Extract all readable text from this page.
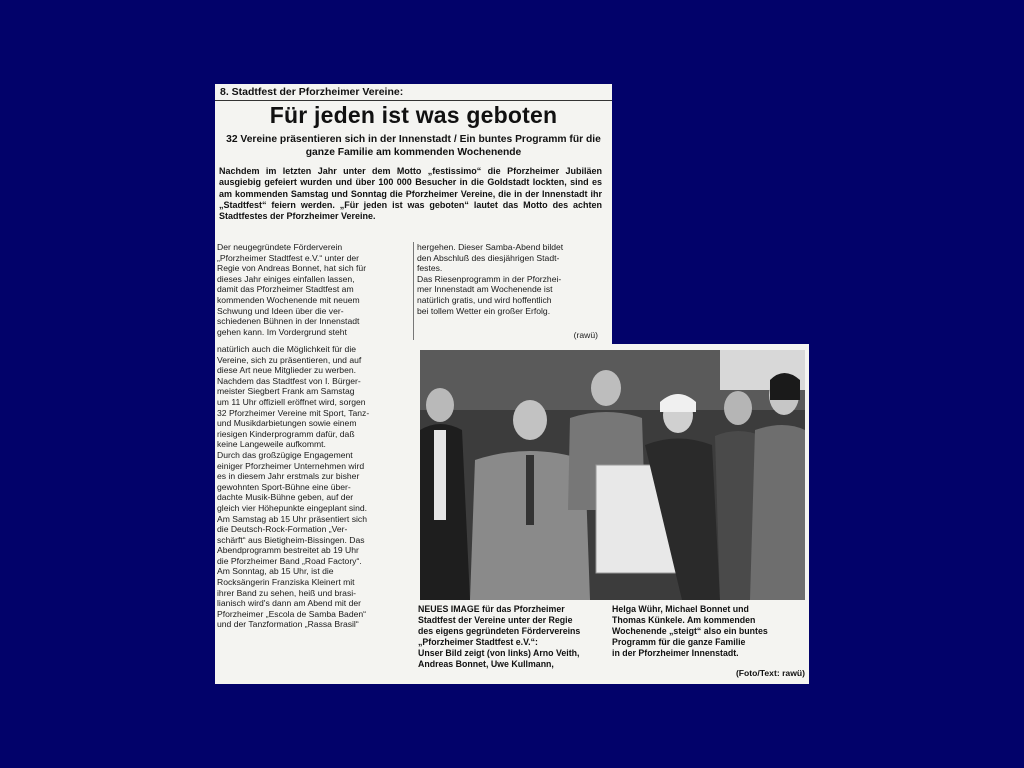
8. Stadtfest der Pforzheimer Vereine:
Für jeden ist was geboten
32 Vereine präsentieren sich in der Innenstadt / Ein buntes Programm für die ganze Familie am kommenden Wochenende
Nachdem im letzten Jahr unter dem Motto „festissimo“ die Pforzheimer Jubiläen ausgiebig gefeiert wurden und über 100 000 Besucher in die Goldstadt lockten, sind es am kommenden Samstag und Sonntag die Pforzheimer Vereine, die in der Innenstadt ihr „Stadtfest“ feiern werden. „Für jeden ist was geboten“ lautet das Motto des achten Stadtfestes der Pforzheimer Vereine.
Der neugegründete Förderverein
„Pforzheimer Stadtfest e.V.“ unter der
Regie von Andreas Bonnet, hat sich für
dieses Jahr einiges einfallen lassen,
damit das Pforzheimer Stadtfest am
kommenden Wochenende mit neuem
Schwung und Ideen über die ver-
schiedenen Bühnen in der Innenstadt
gehen kann. Im Vordergrund steht
hergehen. Dieser Samba-Abend bildet
den Abschluß des diesjährigen Stadt-
festes.
Das Riesenprogramm in der Pforzhei-
mer Innenstadt am Wochenende ist
natürlich gratis, und wird hoffentlich
bei tollem Wetter ein großer Erfolg.
(rawü)
natürlich auch die Möglichkeit für die
Vereine, sich zu präsentieren, und auf
diese Art neue Mitglieder zu werben.
Nachdem das Stadtfest von I. Bürger-
meister Siegbert Frank am Samstag
um 11 Uhr offiziell eröffnet wird, sorgen
32 Pforzheimer Vereine mit Sport, Tanz-
und Musikdarbietungen sowie einem
riesigen Kinderprogramm dafür, daß
keine Langeweile aufkommt.
Durch das großzügige Engagement
einiger Pforzheimer Unternehmen wird
es in diesem Jahr erstmals zur bisher
gewohnten Sport-Bühne eine über-
dachte Musik-Bühne geben, auf der
gleich vier Höhepunkte eingeplant sind.
Am Samstag ab 15 Uhr präsentiert sich
die Deutsch-Rock-Formation „Ver-
schärft“ aus Bietigheim-Bissingen. Das
Abendprogramm bestreitet ab 19 Uhr
die Pforzheimer Band „Road Factory“.
Am Sonntag, ab 15 Uhr, ist die
Rocksängerin Franziska Kleinert mit
ihrer Band zu sehen, heiß und brasi-
lianisch wird's dann am Abend mit der
Pforzheimer „Escola de Samba Baden“
und der Tanzformation „Rassa Brasil“
NEUES IMAGE für das Pforzheimer
Stadtfest der Vereine unter der Regie
des eigens gegründeten Fördervereins
„Pforzheimer Stadtfest e.V.“:
Unser Bild zeigt (von links) Arno Veith,
Andreas Bonnet, Uwe Kullmann,
Helga Wühr, Michael Bonnet und
Thomas Künkele. Am kommenden
Wochenende „steigt“ also ein buntes
Programm für die ganze Familie
in der Pforzheimer Innenstadt.
(Foto/Text: rawü)
